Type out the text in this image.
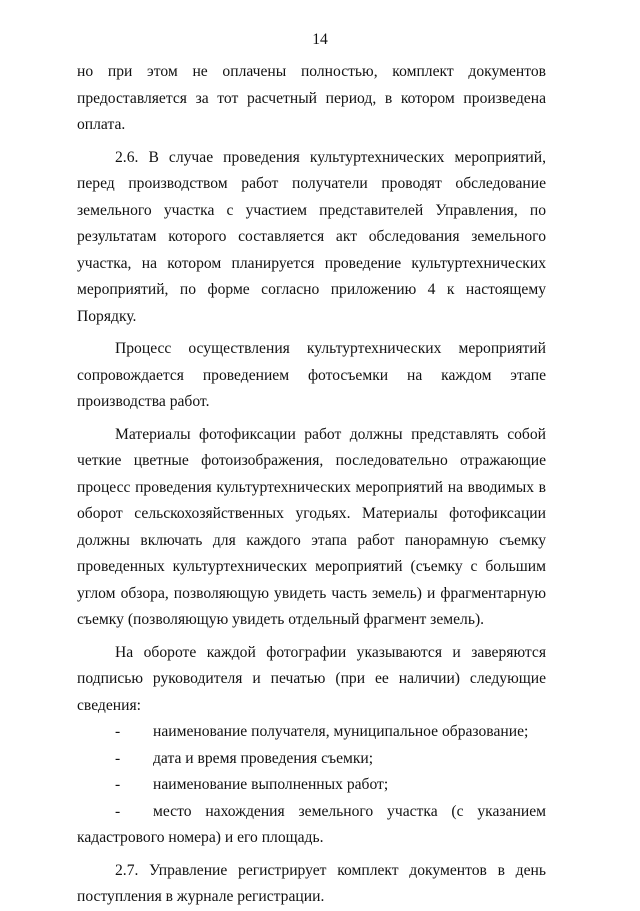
14

но при этом не оплачены полностью, комплект документов предоставляется за тот расчетный период, в котором произведена оплата.

2.6. В случае проведения культуртехнических мероприятий, перед производством работ получатели проводят обследование земельного участка с участием представителей Управления, по результатам которого составляется акт обследования земельного участка, на котором планируется проведение культуртехнических мероприятий, по форме согласно приложению 4 к настоящему Порядку.

Процесс осуществления культуртехнических мероприятий сопровождается проведением фотосъемки на каждом этапе производства работ.

Материалы фотофиксации работ должны представлять собой четкие цветные фотоизображения, последовательно отражающие процесс проведения культуртехнических мероприятий на вводимых в оборот сельскохозяйственных угодьях. Материалы фотофиксации должны включать для каждого этапа работ панорамную съемку проведенных культуртехнических мероприятий (съемку с большим углом обзора, позволяющую увидеть часть земель) и фрагментарную съемку (позволяющую увидеть отдельный фрагмент земель).

На обороте каждой фотографии указываются и заверяются подписью руководителя и печатью (при ее наличии) следующие сведения:

-	наименование получателя, муниципальное образование;
-	дата и время проведения съемки;
-	наименование выполненных работ;

- место нахождения земельного участка (с указанием кадастрового номера) и его площадь.

2.7. Управление регистрирует комплект документов в день поступления в журнале регистрации.
